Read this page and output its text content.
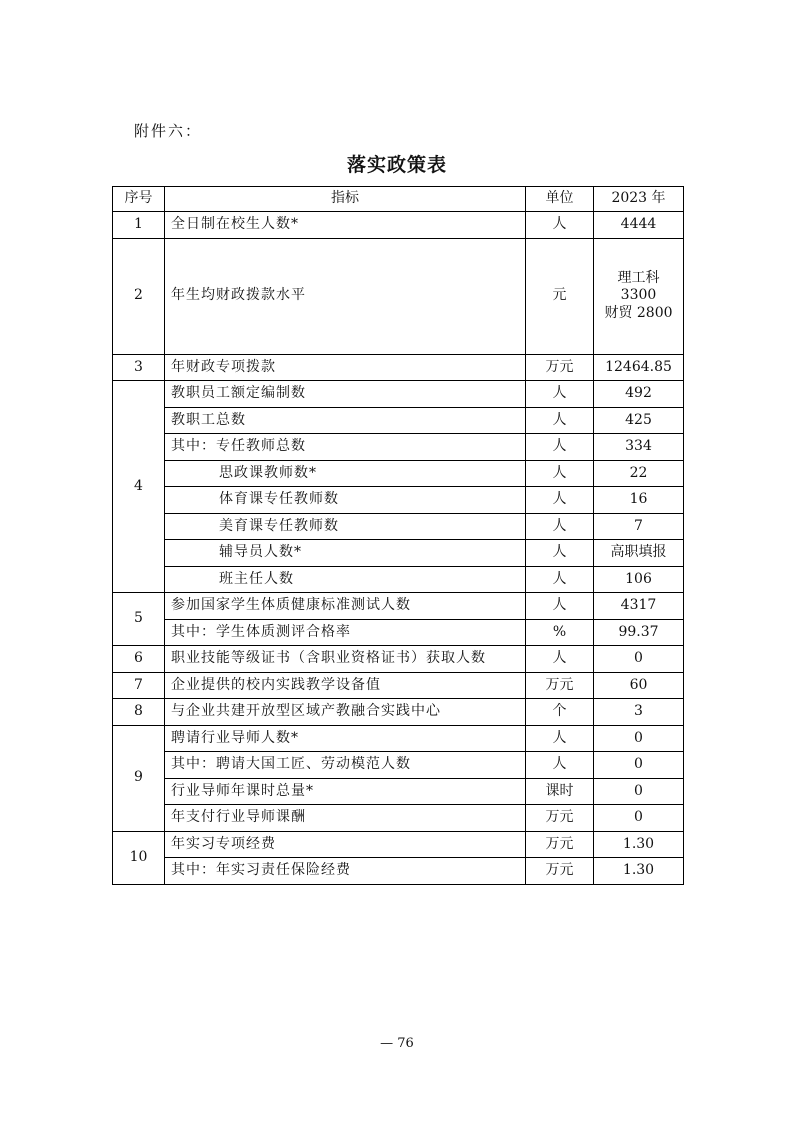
附件六：
落实政策表
序号	指标	单位	2023 年
1	全日制在校生人数*	人	4444
2	年生均财政拨款水平	元	理工科
3300
财贸 2800

3	年财政专项拨款	万元	12464.85
4	教职员工额定编制数	人	492
	教职工总数	人	425
	其中：专任教师总数	人	334
	思政课教师数*	人	22
	体育课专任教师数	人	16
	美育课专任教师数	人	7
	辅导员人数*	人	高职填报
	班主任人数	人	106
5	参加国家学生体质健康标准测试人数	人	4317
	其中：学生体质测评合格率	%	99.37
6	职业技能等级证书（含职业资格证书）获取人数	人	0
7	企业提供的校内实践教学设备值	万元	60
8	与企业共建开放型区域产教融合实践中心	个	3
9	聘请行业导师人数*	人	0
	其中：聘请大国工匠、劳动模范人数	人	0
	行业导师年课时总量*	课时	0
	年支付行业导师课酬	万元	0
10	年实习专项经费	万元	1.30
	其中：年实习责任保险经费	万元	1.30
— 76
